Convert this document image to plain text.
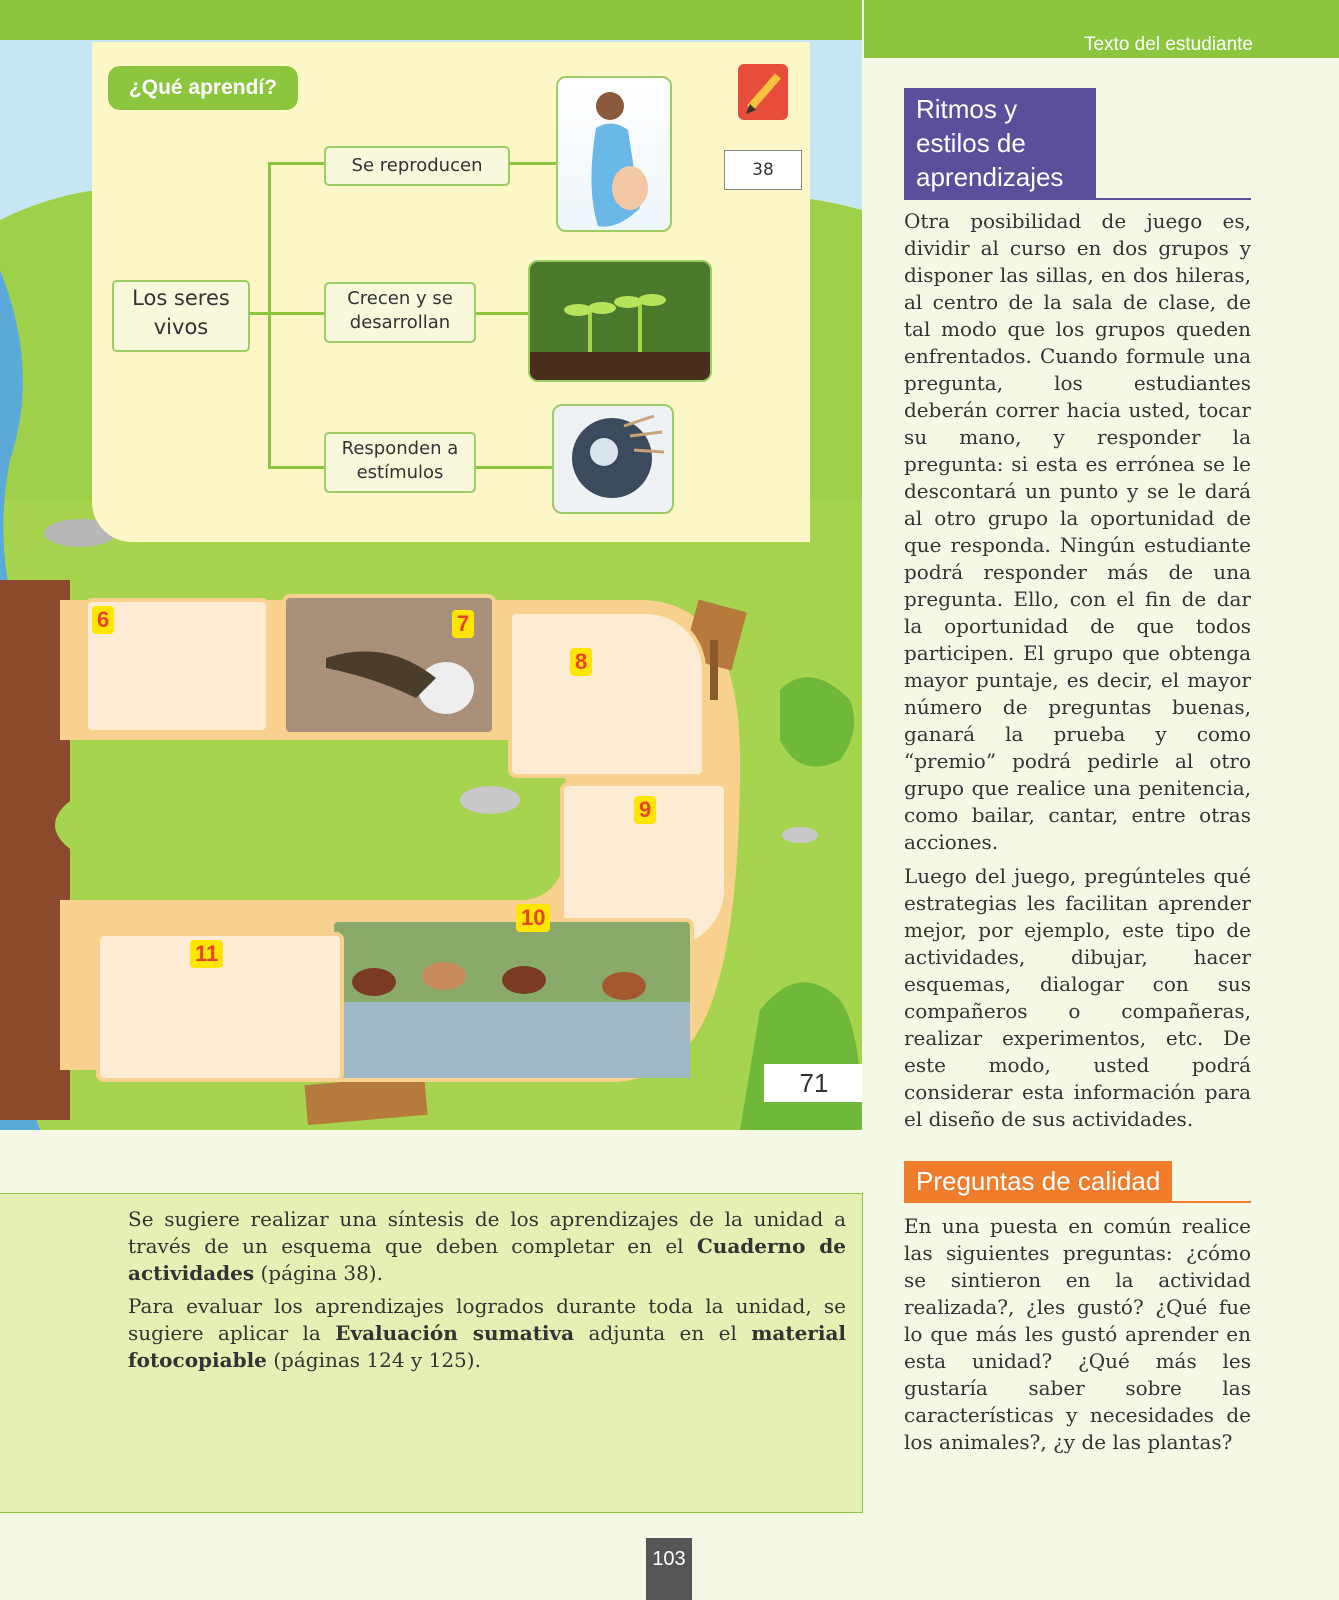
Texto del estudiante
¿Qué aprendí?
38
Los seres vivos
Se reproducen
Crecen y se desarrollan
Responden a estímulos
6	7
8
9
10
11
71

Se sugiere realizar una síntesis de los aprendizajes de la unidad a través de un esquema que deben completar en el Cuaderno de actividades (página 38).

Para evaluar los aprendizajes logrados durante toda la unidad, se sugiere aplicar la Evaluación sumativa adjunta en el material fotocopiable (páginas 124 y 125).

Ritmos y estilos de aprendizajes

Otra posibilidad de juego es, dividir al curso en dos grupos y disponer las sillas, en dos hileras, al centro de la sala de clase, de tal modo que los grupos queden enfrentados. Cuando formule una pregunta, los estudiantes deberán correr hacia usted, tocar su mano, y responder la pregunta: si esta es errónea se le descontará un punto y se le dará al otro grupo la oportunidad de que responda. Ningún estudiante podrá responder más de una pregunta. Ello, con el fin de dar la oportunidad de que todos participen. El grupo que obtenga mayor puntaje, es decir, el mayor número de preguntas buenas, ganará la prueba y como “premio” podrá pedirle al otro grupo que realice una penitencia, como bailar, cantar, entre otras acciones.

Luego del juego, pregúnteles qué estrategias les facilitan aprender mejor, por ejemplo, este tipo de actividades, dibujar, hacer esquemas, dialogar con sus compañeros o compañeras, realizar experimentos, etc. De este modo, usted podrá considerar esta información para el diseño de sus actividades.

Preguntas de calidad

En una puesta en común realice las siguientes preguntas: ¿cómo se sintieron en la actividad realizada?, ¿les gustó? ¿Qué fue lo que más les gustó aprender en esta unidad? ¿Qué más les gustaría saber sobre las características y necesidades de los animales?, ¿y de las plantas?

103
